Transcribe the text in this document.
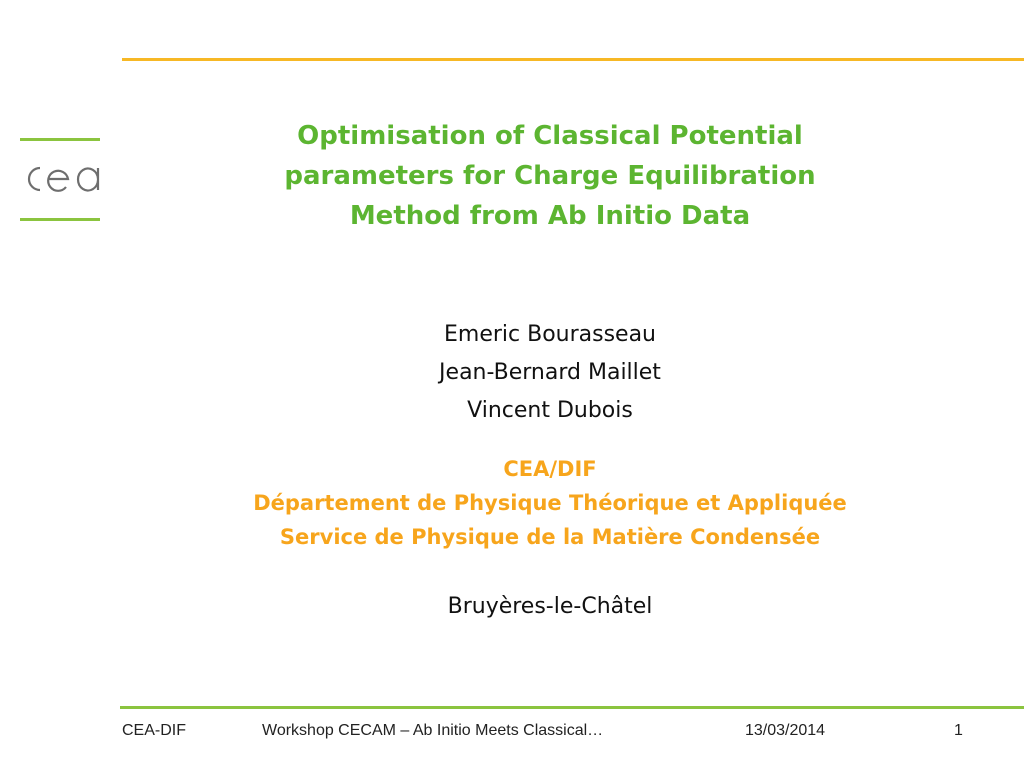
Optimisation of Classical Potential
parameters for Charge Equilibration
Method from Ab Initio Data
Emeric Bourasseau
Jean-Bernard Maillet
Vincent Dubois
CEA/DIF
Département de Physique Théorique et Appliquée
Service de Physique de la Matière Condensée
Bruyères-le-Châtel
CEA-DIF	Workshop CECAM – Ab Initio Meets Classical…	13/03/2014	1
